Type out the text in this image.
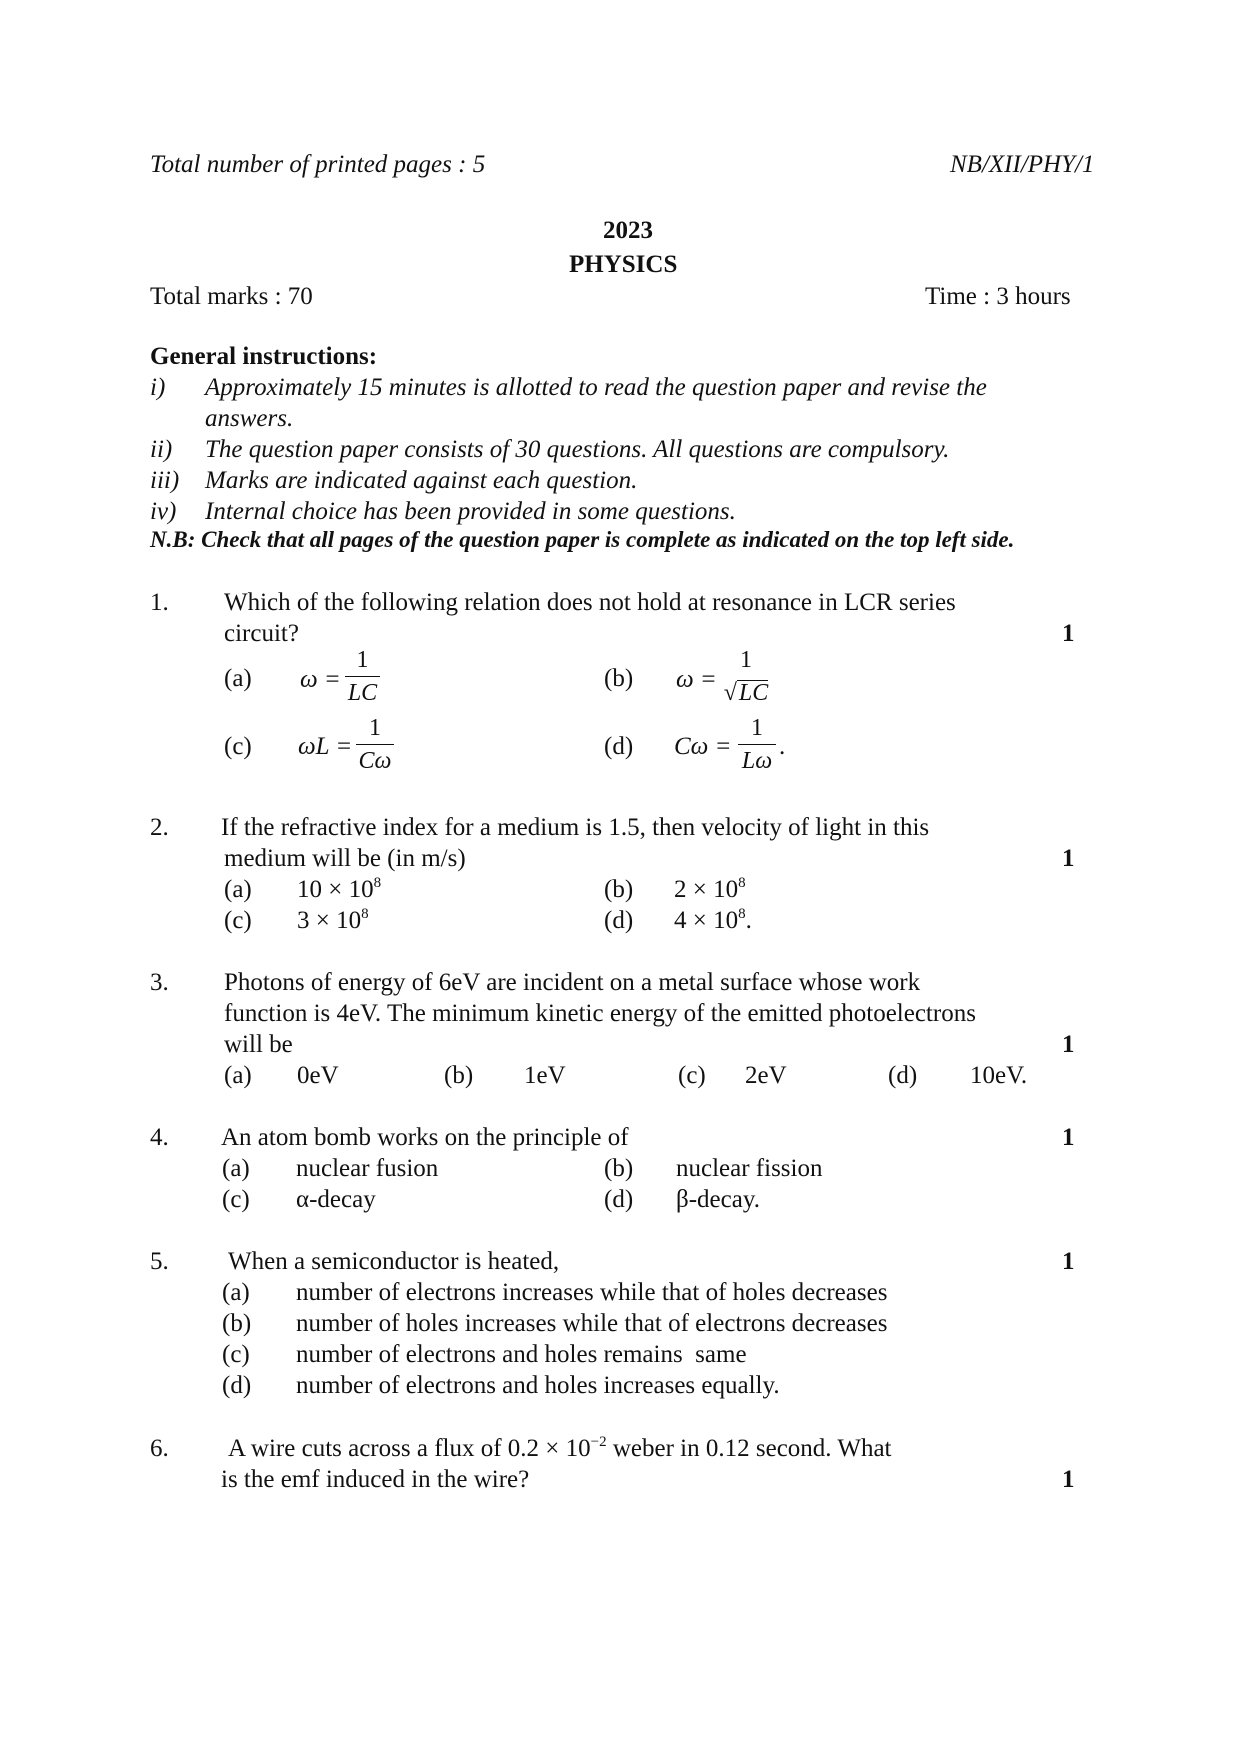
Total number of printed pages : 5	NB/XII/PHY/1
2023
PHYSICS
Total marks : 70	Time : 3 hours
General instructions:
i) Approximately 15 minutes is allotted to read the question paper and revise the
answers.
ii) The question paper consists of 30 questions. All questions are compulsory.
iii) Marks are indicated against each question.
iv) Internal choice has been provided in some questions.
N.B: Check that all pages of the question paper is complete as indicated on the top left side.
1. Which of the following relation does not hold at resonance in LCR series
circuit?	1
(a) $\omega = \frac{1}{LC}$	(b) ω =
1
√LC
(c) $\omega L = \frac{1}{C\omega}$	(d) $C\omega = \frac{1}{L\omega}$ .
2. If the refractive index for a medium is 1.5, then velocity of light in this
medium will be (in m/s)	1
(a) $10 \times 10^8$	(b) $2 \times 10^8$
(c) $3 \times 10^8$	(d) $4 \times 10^8$.
3. Photons of energy of 6eV are incident on a metal surface whose work
function is 4eV. The minimum kinetic energy of the emitted photoelectrons
will be	1
(a) 0eV	(b) 1eV	(c) 2eV	(d) 10eV.
4. An atom bomb works on the principle of	1
(a) nuclear fusion	(b) nuclear fission
(c) α-decay	(d) β-decay.
5. When a semiconductor is heated,	1
(a) number of electrons increases while that of holes decreases
(b) number of holes increases while that of electrons decreases
(c) number of electrons and holes remains  same
(d) number of electrons and holes increases equally.
6. A wire cuts across a flux of $0.2 \times 10^{-2}$ weber in 0.12 second. What
is the emf induced in the wire?	1
